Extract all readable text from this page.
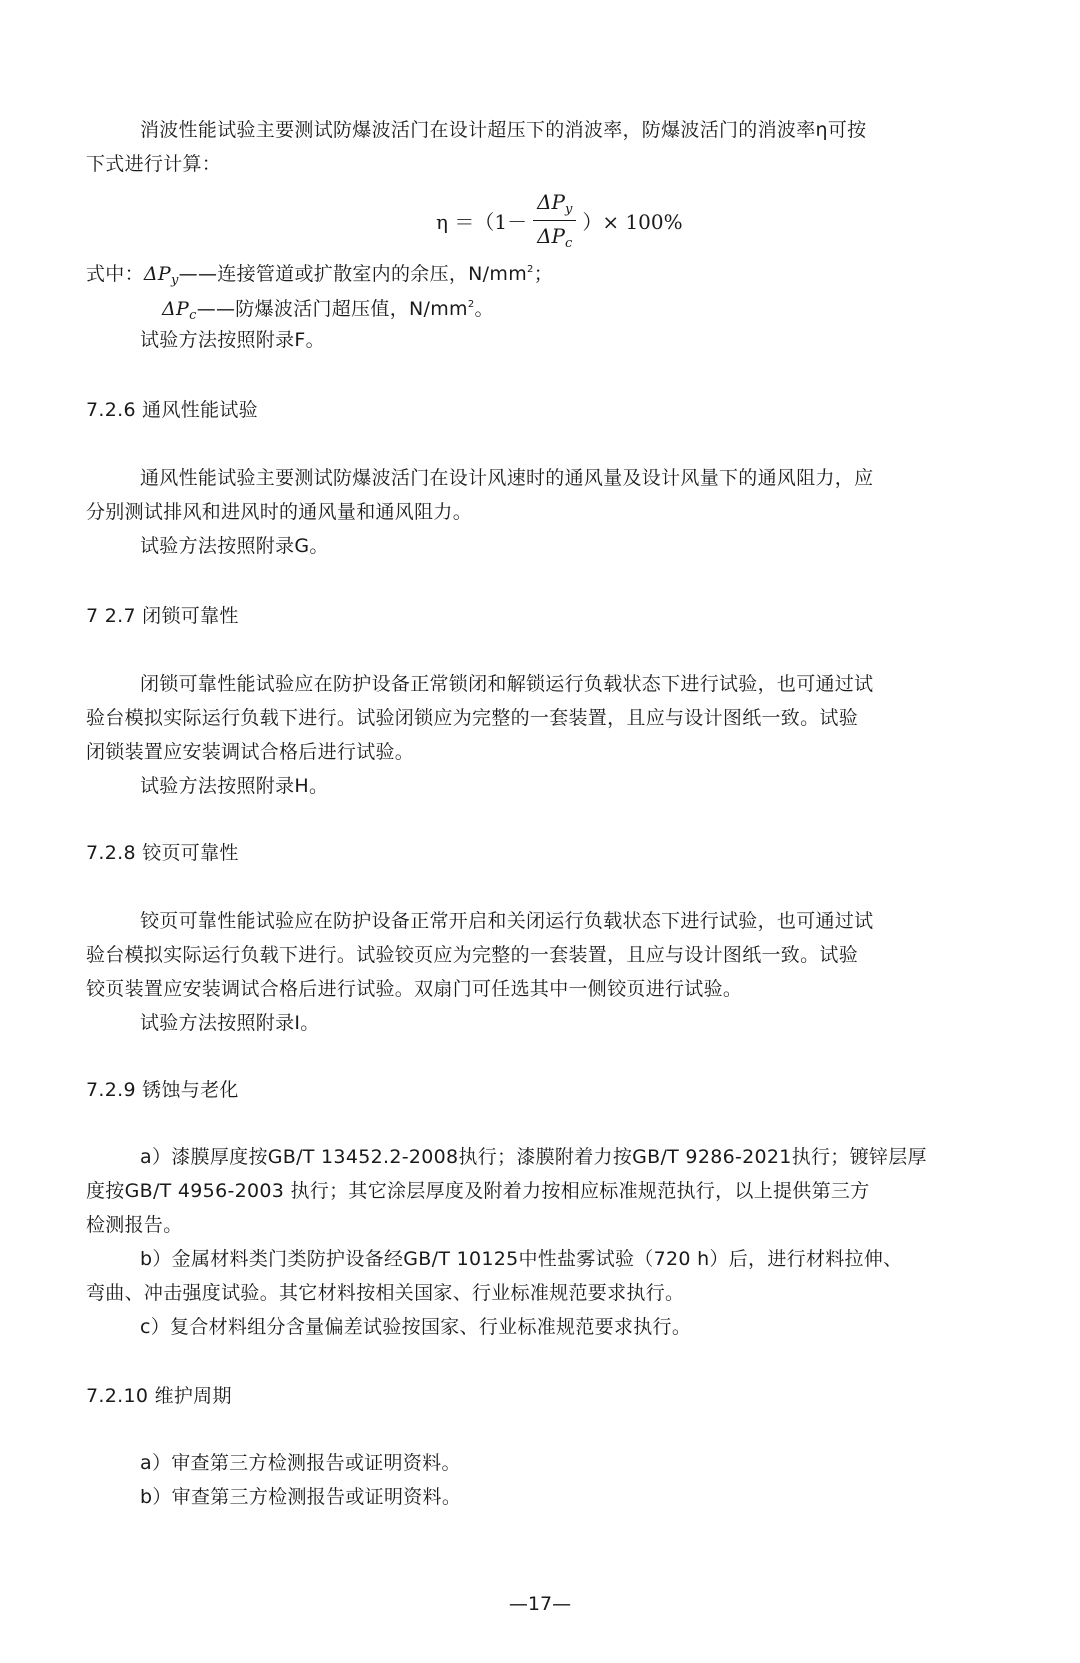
消波性能试验主要测试防爆波活门在设计超压下的消波率，防爆波活门的消波率η可按
下式进行计算：
$\eta =(1- \frac{\Delta P_y}{\Delta P_c}$ ）× 100%
式中：$\Delta P_y——$连接管道或扩散室内的余压，$N/mm^2$；
$\Delta P_c——$防爆波活门超压值，$N/mm^2$。
试验方法按照附录F。
7.2.6 通风性能试验
通风性能试验主要测试防爆波活门在设计风速时的通风量及设计风量下的通风阻力，应
分别测试排风和进风时的通风量和通风阻力。
试验方法按照附录G。
7 2.7 闭锁可靠性
闭锁可靠性能试验应在防护设备正常锁闭和解锁运行负载状态下进行试验，也可通过试
验台模拟实际运行负载下进行。试验闭锁应为完整的一套装置，且应与设计图纸一致。试验
闭锁装置应安装调试合格后进行试验。
试验方法按照附录H。
7.2.8 铰页可靠性
铰页可靠性能试验应在防护设备正常开启和关闭运行负载状态下进行试验，也可通过试
验台模拟实际运行负载下进行。试验铰页应为完整的一套装置，且应与设计图纸一致。试验
铰页装置应安装调试合格后进行试验。双扇门可任选其中一侧铰页进行试验。
试验方法按照附录I。
7.2.9 锈蚀与老化
a）漆膜厚度按GB/T 13452.2-2008执行；漆膜附着力按GB/T 9286-2021执行；镀锌层厚
度按GB/T 4956-2003 执行；其它涂层厚度及附着力按相应标准规范执行，以上提供第三方
检测报告。
b）金属材料类门类防护设备经GB/T 10125中性盐雾试验（720 h）后，进行材料拉伸、
弯曲、冲击强度试验。其它材料按相关国家、行业标准规范要求执行。
c）复合材料组分含量偏差试验按国家、行业标准规范要求执行。
7.2.10 维护周期
a）审查第三方检测报告或证明资料。
b）审查第三方检测报告或证明资料。
—17—
